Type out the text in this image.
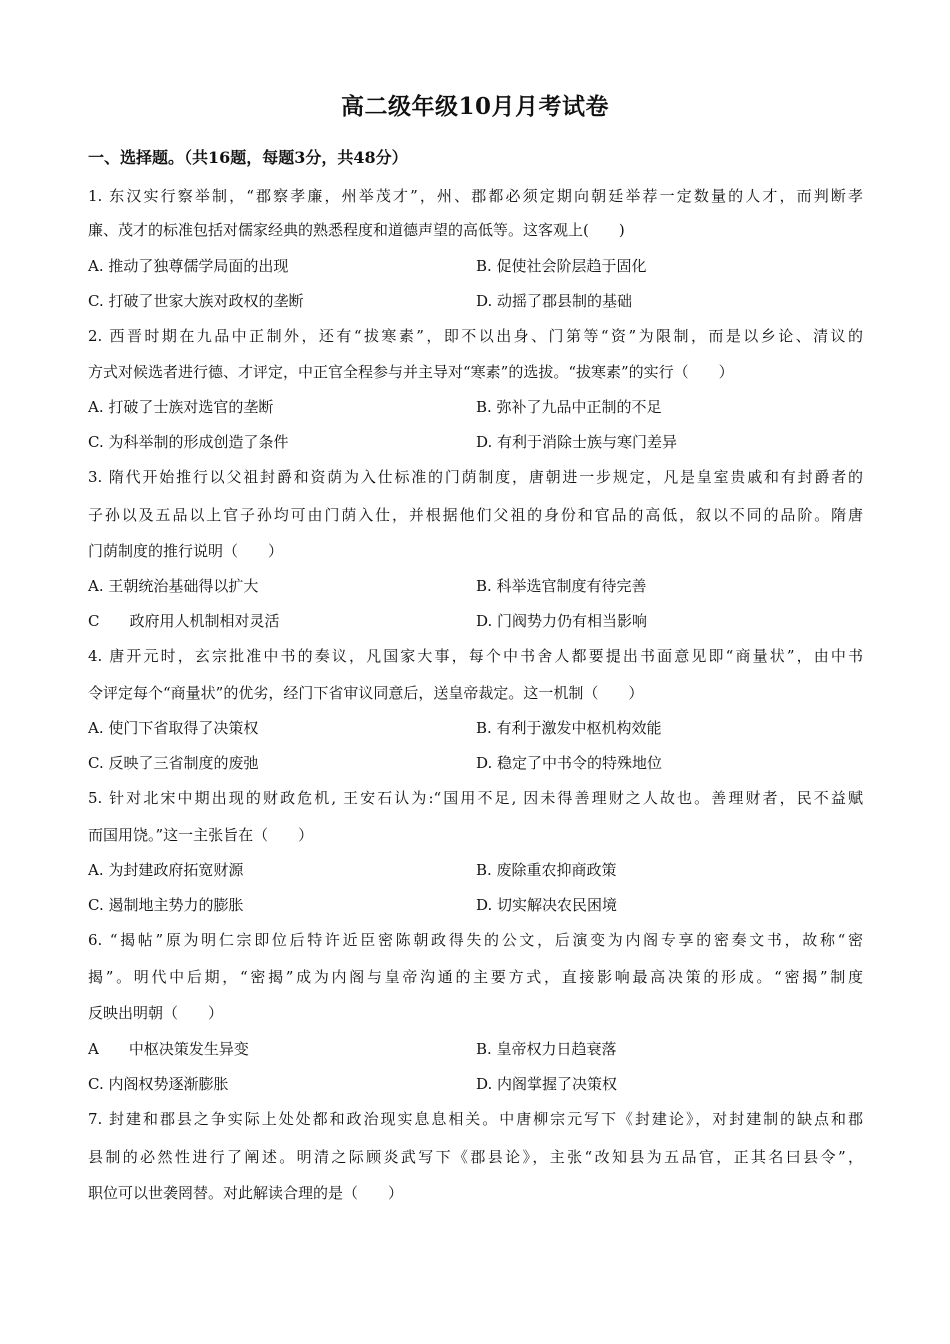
高二级年级10月月考试卷
一、选择题。（共16题，每题3分，共48分）
1. 东汉实行察举制，“郡察孝廉，州举茂才”，州、郡都必须定期向朝廷举荐一定数量的人才，而判断孝
廉、茂才的标准包括对儒家经典的熟悉程度和道德声望的高低等。这客观上(　　)
A. 推动了独尊儒学局面的出现	B. 促使社会阶层趋于固化
C. 打破了世家大族对政权的垄断	D. 动摇了郡县制的基础
2. 西晋时期在九品中正制外，还有“拔寒素”，即不以出身、门第等“资”为限制，而是以乡论、清议的
方式对候选者进行德、才评定，中正官全程参与并主导对“寒素”的选拔。“拔寒素”的实行（　　）
A. 打破了士族对选官的垄断	B. 弥补了九品中正制的不足
C. 为科举制的形成创造了条件	D. 有利于消除士族与寒门差异
3. 隋代开始推行以父祖封爵和资荫为入仕标准的门荫制度，唐朝进一步规定，凡是皇室贵戚和有封爵者的
子孙以及五品以上官子孙均可由门荫入仕，并根据他们父祖的身份和官品的高低，叙以不同的品阶。隋唐
门荫制度的推行说明（　　）
A. 王朝统治基础得以扩大	B. 科举选官制度有待完善
C　　政府用人机制相对灵活	D. 门阀势力仍有相当影响
4. 唐开元时，玄宗批准中书的奏议，凡国家大事，每个中书舍人都要提出书面意见即“商量状”，由中书
令评定每个“商量状”的优劣，经门下省审议同意后，送皇帝裁定。这一机制（　　）
A. 使门下省取得了决策权	B. 有利于激发中枢机构效能
C. 反映了三省制度的废弛	D. 稳定了中书令的特殊地位
5. 针对北宋中期出现的财政危机, 王安石认为:“国用不足, 因未得善理财之人故也。善理财者，民不益赋
而国用饶。”这一主张旨在（　　）
A. 为封建政府拓宽财源	B. 废除重农抑商政策
C. 遏制地主势力的膨胀	D. 切实解决农民困境
6. “揭帖”原为明仁宗即位后特许近臣密陈朝政得失的公文，后演变为内阁专享的密奏文书，故称“密
揭”。明代中后期，“密揭”成为内阁与皇帝沟通的主要方式，直接影响最高决策的形成。“密揭”制度
反映出明朝（　　）
A　　中枢决策发生异变	B. 皇帝权力日趋衰落
C. 内阁权势逐渐膨胀	D. 内阁掌握了决策权
7. 封建和郡县之争实际上处处都和政治现实息息相关。中唐柳宗元写下《封建论》，对封建制的缺点和郡
县制的必然性进行了阐述。明清之际顾炎武写下《郡县论》，主张“改知县为五品官，正其名曰县令”，
职位可以世袭罔替。对此解读合理的是（　　）
